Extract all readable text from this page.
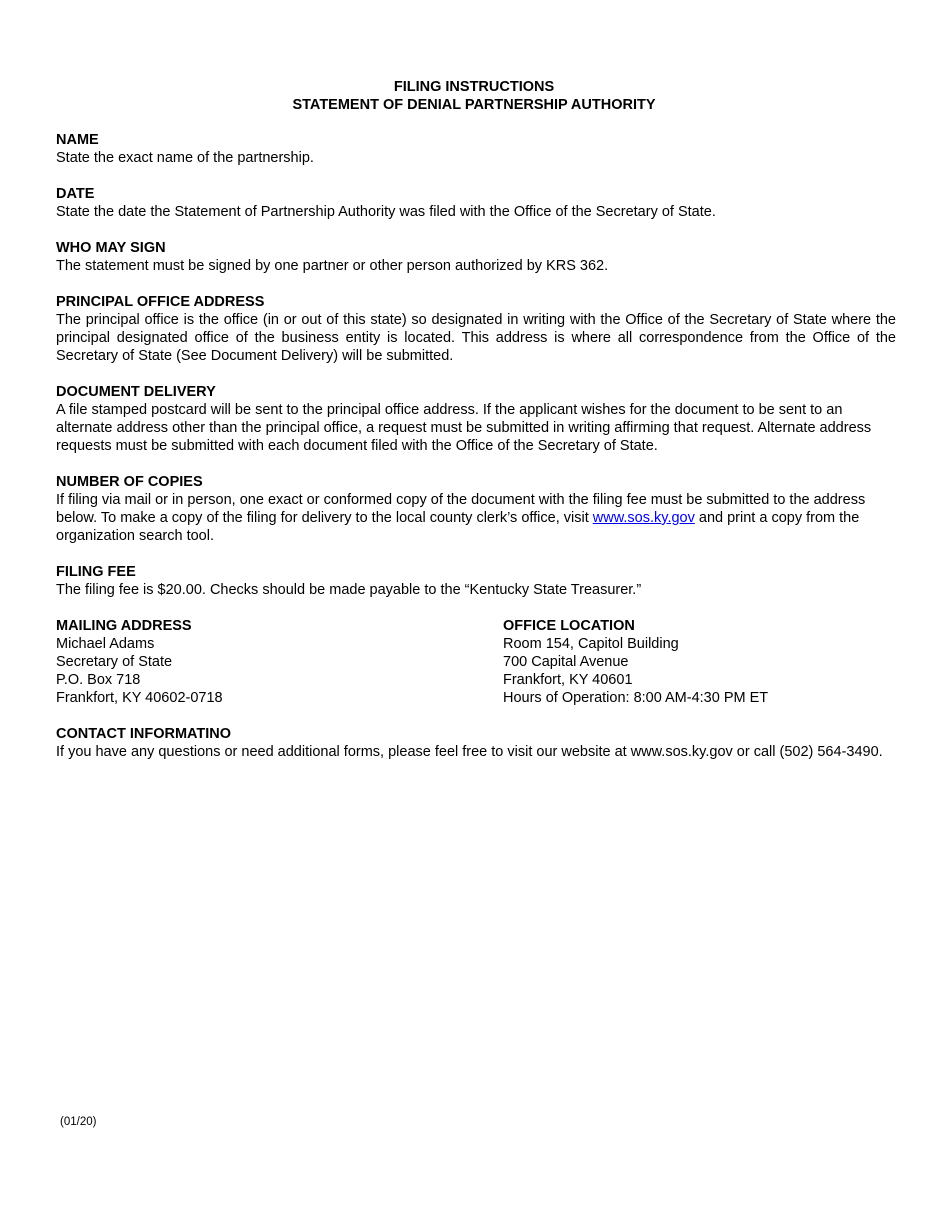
FILING INSTRUCTIONS
STATEMENT OF DENIAL PARTNERSHIP AUTHORITY
NAME
State the exact name of the partnership.
DATE
State the date the Statement of Partnership Authority was filed with the Office of the Secretary of State.
WHO MAY SIGN
The statement must be signed by one partner or other person authorized by KRS 362.
PRINCIPAL OFFICE ADDRESS
The principal office is the office (in or out of this state) so designated in writing with the Office of the Secretary of State where the principal designated office of the business entity is located. This address is where all correspondence from the Office of the Secretary of State (See Document Delivery) will be submitted.
DOCUMENT DELIVERY
A file stamped postcard will be sent to the principal office address. If the applicant wishes for the document to be sent to an alternate address other than the principal office, a request must be submitted in writing affirming that request. Alternate address requests must be submitted with each document filed with the Office of the Secretary of State.
NUMBER OF COPIES
If filing via mail or in person, one exact or conformed copy of the document with the filing fee must be submitted to the address below. To make a copy of the filing for delivery to the local county clerk’s office, visit www.sos.ky.gov and print a copy from the organization search tool.
FILING FEE
The filing fee is $20.00. Checks should be made payable to the “Kentucky State Treasurer.”
MAILING ADDRESS
Michael Adams
Secretary of State
P.O. Box 718
Frankfort, KY 40602-0718
OFFICE LOCATION
Room 154, Capitol Building
700 Capital Avenue
Frankfort, KY 40601
Hours of Operation: 8:00 AM-4:30 PM ET
CONTACT INFORMATINO
If you have any questions or need additional forms, please feel free to visit our website at www.sos.ky.gov or call (502) 564-3490.
(01/20)
